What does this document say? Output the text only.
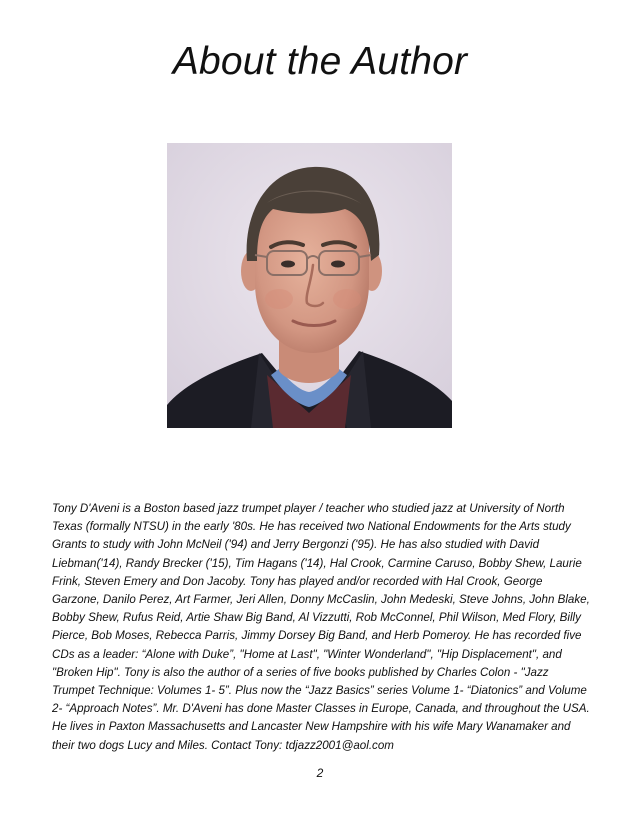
About the Author

Tony D'Aveni is a Boston based jazz trumpet player / teacher who studied jazz at University of North Texas (formally NTSU) in the early '80s. He has received two National Endowments for the Arts study Grants to study with John McNeil ('94) and Jerry Bergonzi ('95). He has also studied with David Liebman('14), Randy Brecker ('15), Tim Hagans ('14), Hal Crook, Carmine Caruso, Bobby Shew, Laurie Frink, Steven Emery and Don Jacoby. Tony has played and/or recorded with Hal Crook, George Garzone, Danilo Perez, Art Farmer, Jeri Allen, Donny McCaslin, John Medeski, Steve Johns, John Blake, Bobby Shew, Rufus Reid, Artie Shaw Big Band, Al Vizzutti, Rob McConnel, Phil Wilson, Med Flory, Billy Pierce, Bob Moses, Rebecca Parris, Jimmy Dorsey Big Band, and Herb Pomeroy. He has recorded five CDs as a leader: “Alone with Duke”, "Home at Last", "Winter Wonderland", "Hip Displacement", and "Broken Hip". Tony is also the author of a series of five books published by Charles Colon - "Jazz Trumpet Technique: Volumes 1- 5”. Plus now the “Jazz Basics” series Volume 1- “Diatonics” and Volume 2- “Approach Notes”. Mr. D'Aveni has done Master Classes in Europe, Canada, and throughout the USA. He lives in Paxton Massachusetts and Lancaster New Hampshire with his wife Mary Wanamaker and their two dogs Lucy and Miles. Contact Tony: tdjazz2001@aol.com

2
